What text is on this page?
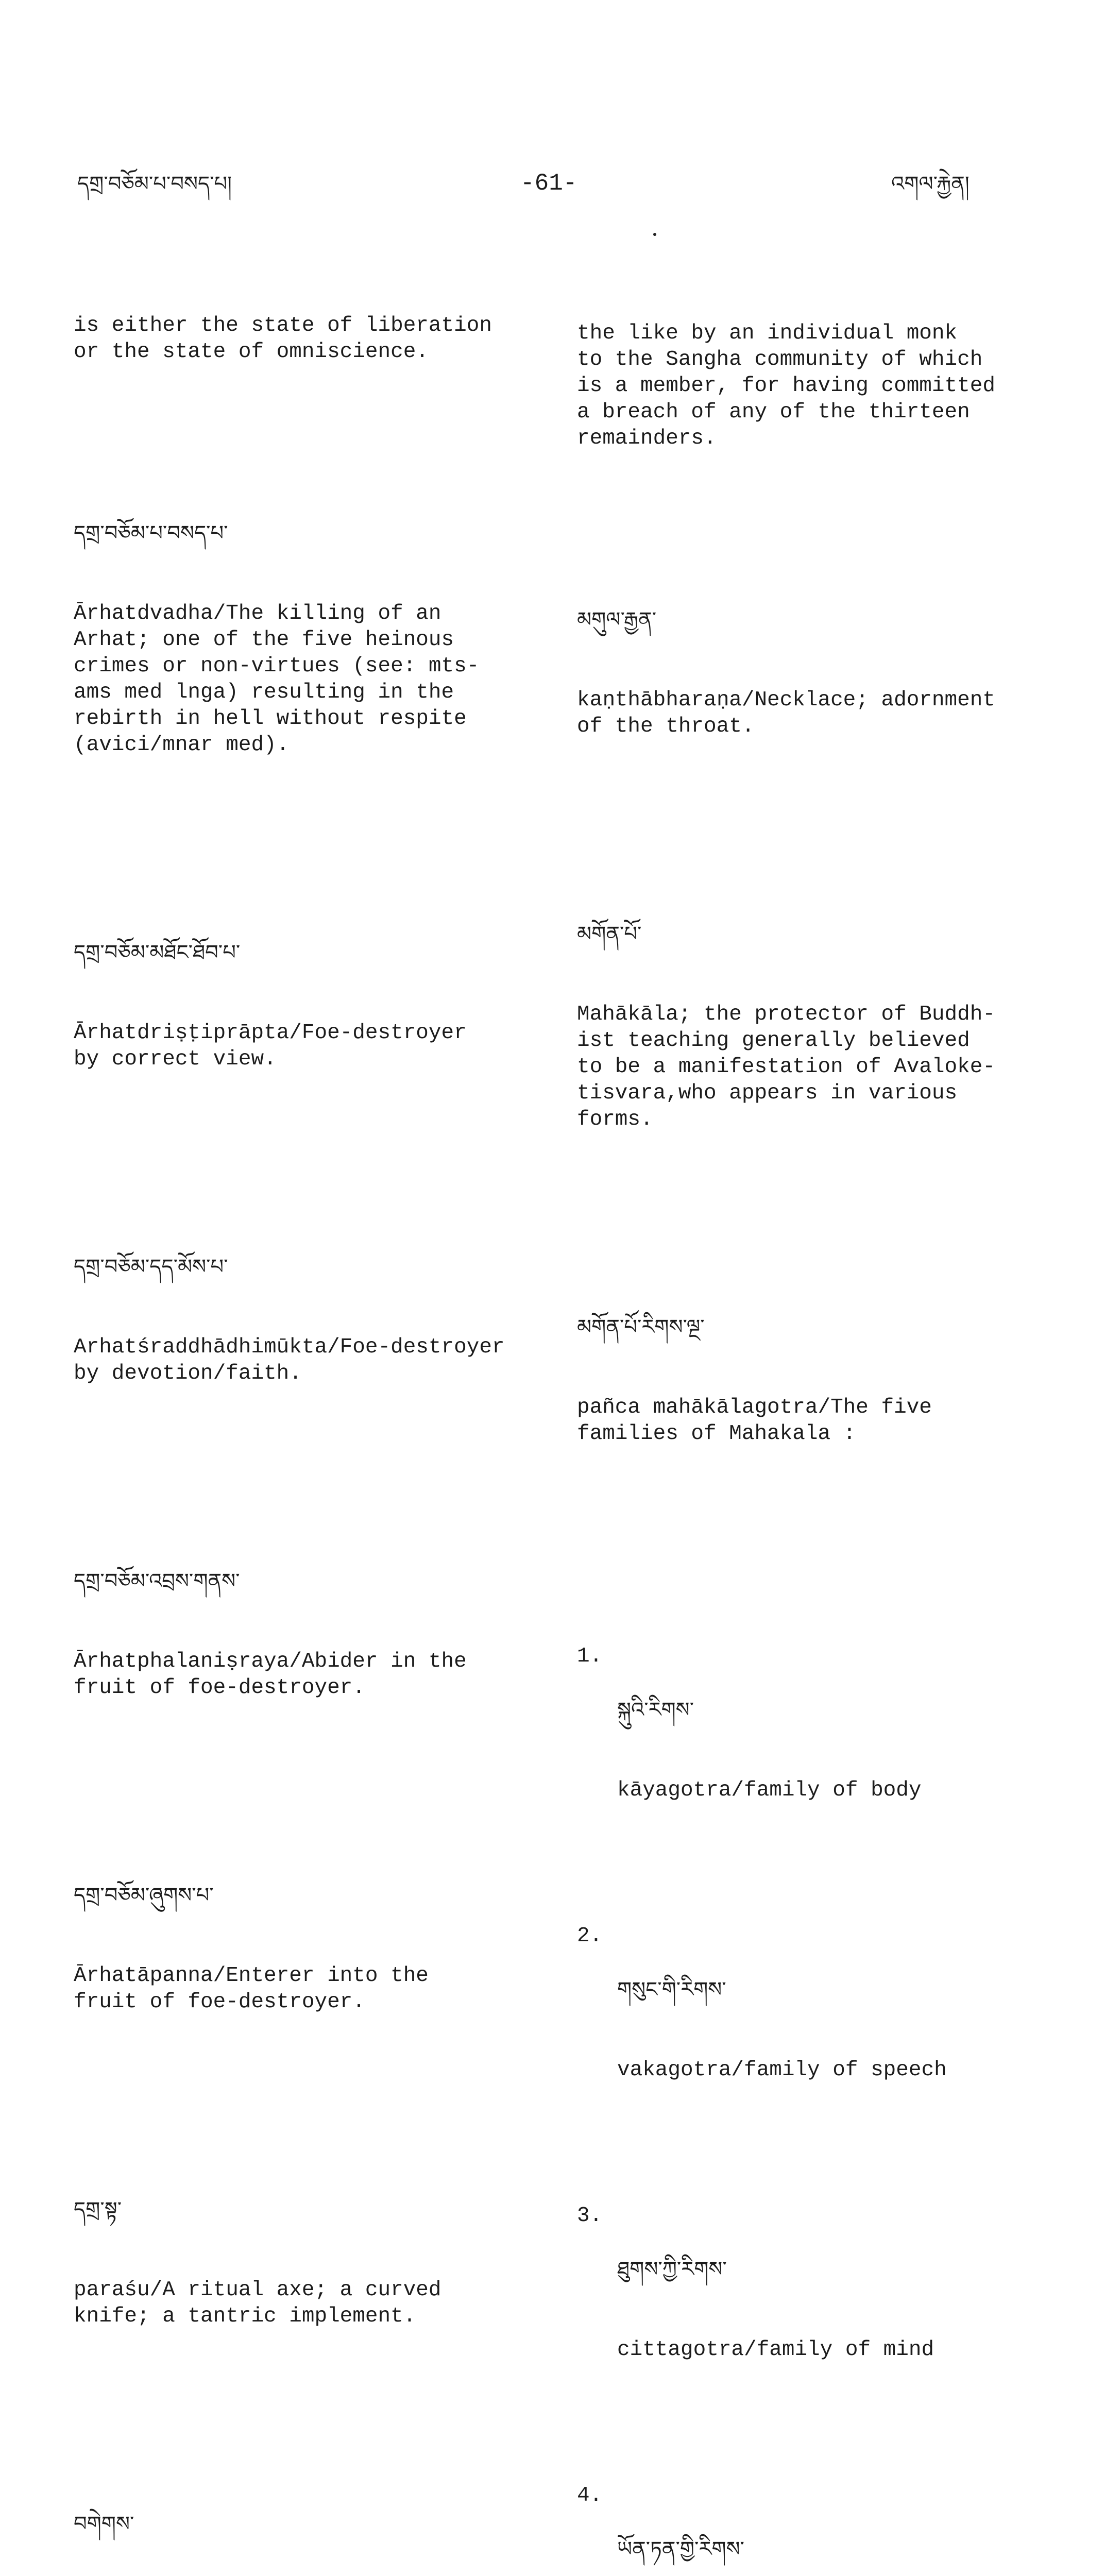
དགྲ་བཅོམ་པ་བསད་པ།	-61-	འགལ་རྐྱེན།

is either the state of liberation
or the state of omniscience.

དགྲ་བཅོམ་པ་བསད་པ་

Ārhatdvadha/The killing of an
Arhat; one of the five heinous
crimes or non-virtues (see: mts-
ams med lnga) resulting in the
rebirth in hell without respite
(avici/mnar med).

དགྲ་བཅོམ་མཐོང་ཐོབ་པ་

Ārhatdriṣṭiprāpta/Foe-destroyer
by correct view.

དགྲ་བཅོམ་དད་མོས་པ་

Arhatśraddhādhimūkta/Foe-destroyer
by devotion/faith.

དགྲ་བཅོམ་འབྲས་གནས་

Ārhatphalaniṣraya/Abider in the
fruit of foe-destroyer.

དགྲ་བཅོམ་ཞུགས་པ་

Ārhatāpanna/Enterer into the
fruit of foe-destroyer.

དགྲ་སྟ་

paraśu/A ritual axe; a curved
knife; a tantric implement.

བགེགས་

the like by an individual monk
to the Sangha community of which
is a member, for having committed
a breach of any of the thirteen
remainders.

མགུལ་རྒྱན་

kaṇthābharaṇa/Necklace; adornment
of the throat.

མགོན་པོ་

Mahākāla; the protector of Buddh-
ist teaching generally believed
to be a manifestation of Avaloke-
tisvara,who appears in various
forms.

མགོན་པོ་རིགས་ལྔ་

pañca mahākālagotra/The five
families of Mahakala :

1.

སྐུའི་རིགས་

kāyagotra/family of body

2.

གསུང་གི་རིགས་

vakagotra/family of speech

3.

ཐུགས་ཀྱི་རིགས་

cittagotra/family of mind

4.

ཡོན་ཏན་གྱི་རིགས་
